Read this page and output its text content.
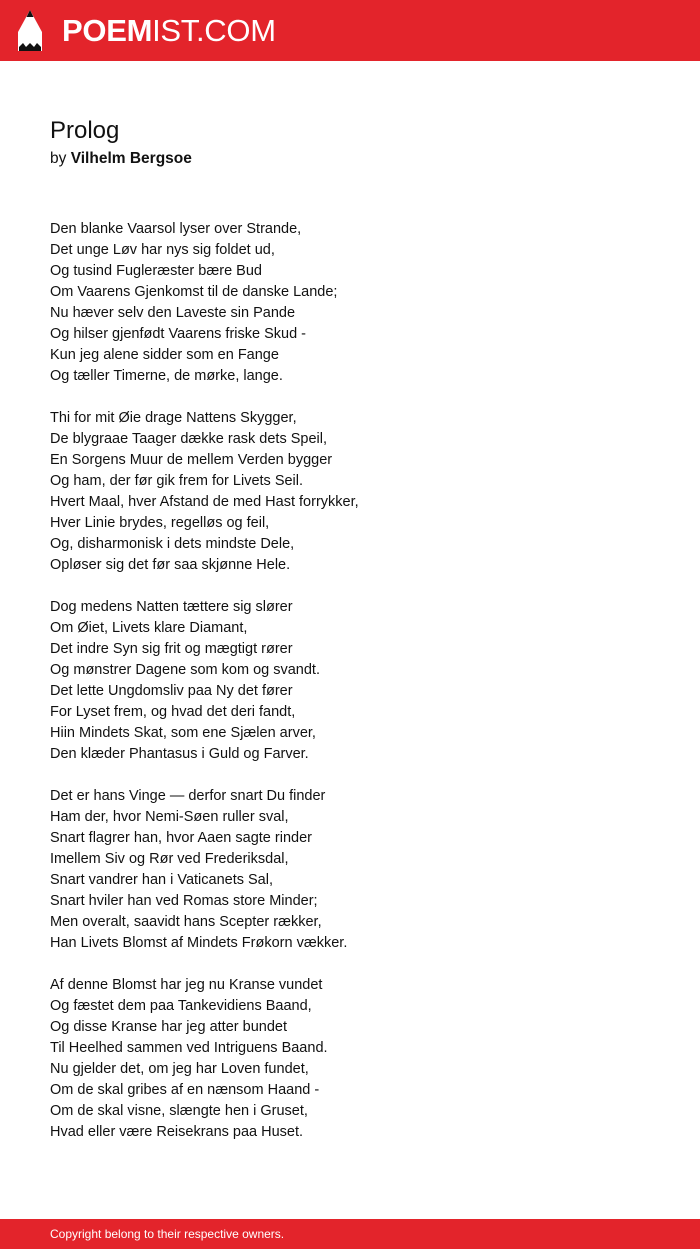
POEMIST.COM
Prolog
by Vilhelm Bergsoe
Den blanke Vaarsol lyser over Strande,
Det unge Løv har nys sig foldet ud,
Og tusind Fugleræster bære Bud
Om Vaarens Gjenkomst til de danske Lande;
Nu hæver selv den Laveste sin Pande
Og hilser gjenfødt Vaarens friske Skud -
Kun jeg alene sidder som en Fange
Og tæller Timerne, de mørke, lange.
Thi for mit Øie drage Nattens Skygger,
De blygraae Taager dække rask dets Speil,
En Sorgens Muur de mellem Verden bygger
Og ham, der før gik frem for Livets Seil.
Hvert Maal, hver Afstand de med Hast forrykker,
Hver Linie brydes, regelløs og feil,
Og, disharmonisk i dets mindste Dele,
Opløser sig det før saa skjønne Hele.
Dog medens Natten tættere sig slører
Om Øiet, Livets klare Diamant,
Det indre Syn sig frit og mægtigt rører
Og mønstrer Dagene som kom og svandt.
Det lette Ungdomsliv paa Ny det fører
For Lyset frem, og hvad det deri fandt,
Hiin Mindets Skat, som ene Sjælen arver,
Den klæder Phantasus i Guld og Farver.
Det er hans Vinge — derfor snart Du finder
Ham der, hvor Nemi-Søen ruller sval,
Snart flagrer han, hvor Aaen sagte rinder
Imellem Siv og Rør ved Frederiksdal,
Snart vandrer han i Vaticanets Sal,
Snart hviler han ved Romas store Minder;
Men overalt, saavidt hans Scepter rækker,
Han Livets Blomst af Mindets Frøkorn vækker.
Af denne Blomst har jeg nu Kranse vundet
Og fæstet dem paa Tankevidiens Baand,
Og disse Kranse har jeg atter bundet
Til Heelhed sammen ved Intriguens Baand.
Nu gjelder det, om jeg har Loven fundet,
Om de skal gribes af en nænsom Haand -
Om de skal visne, slængte hen i Gruset,
Hvad eller være Reisekrans paa Huset.
Copyright belong to their respective owners.
